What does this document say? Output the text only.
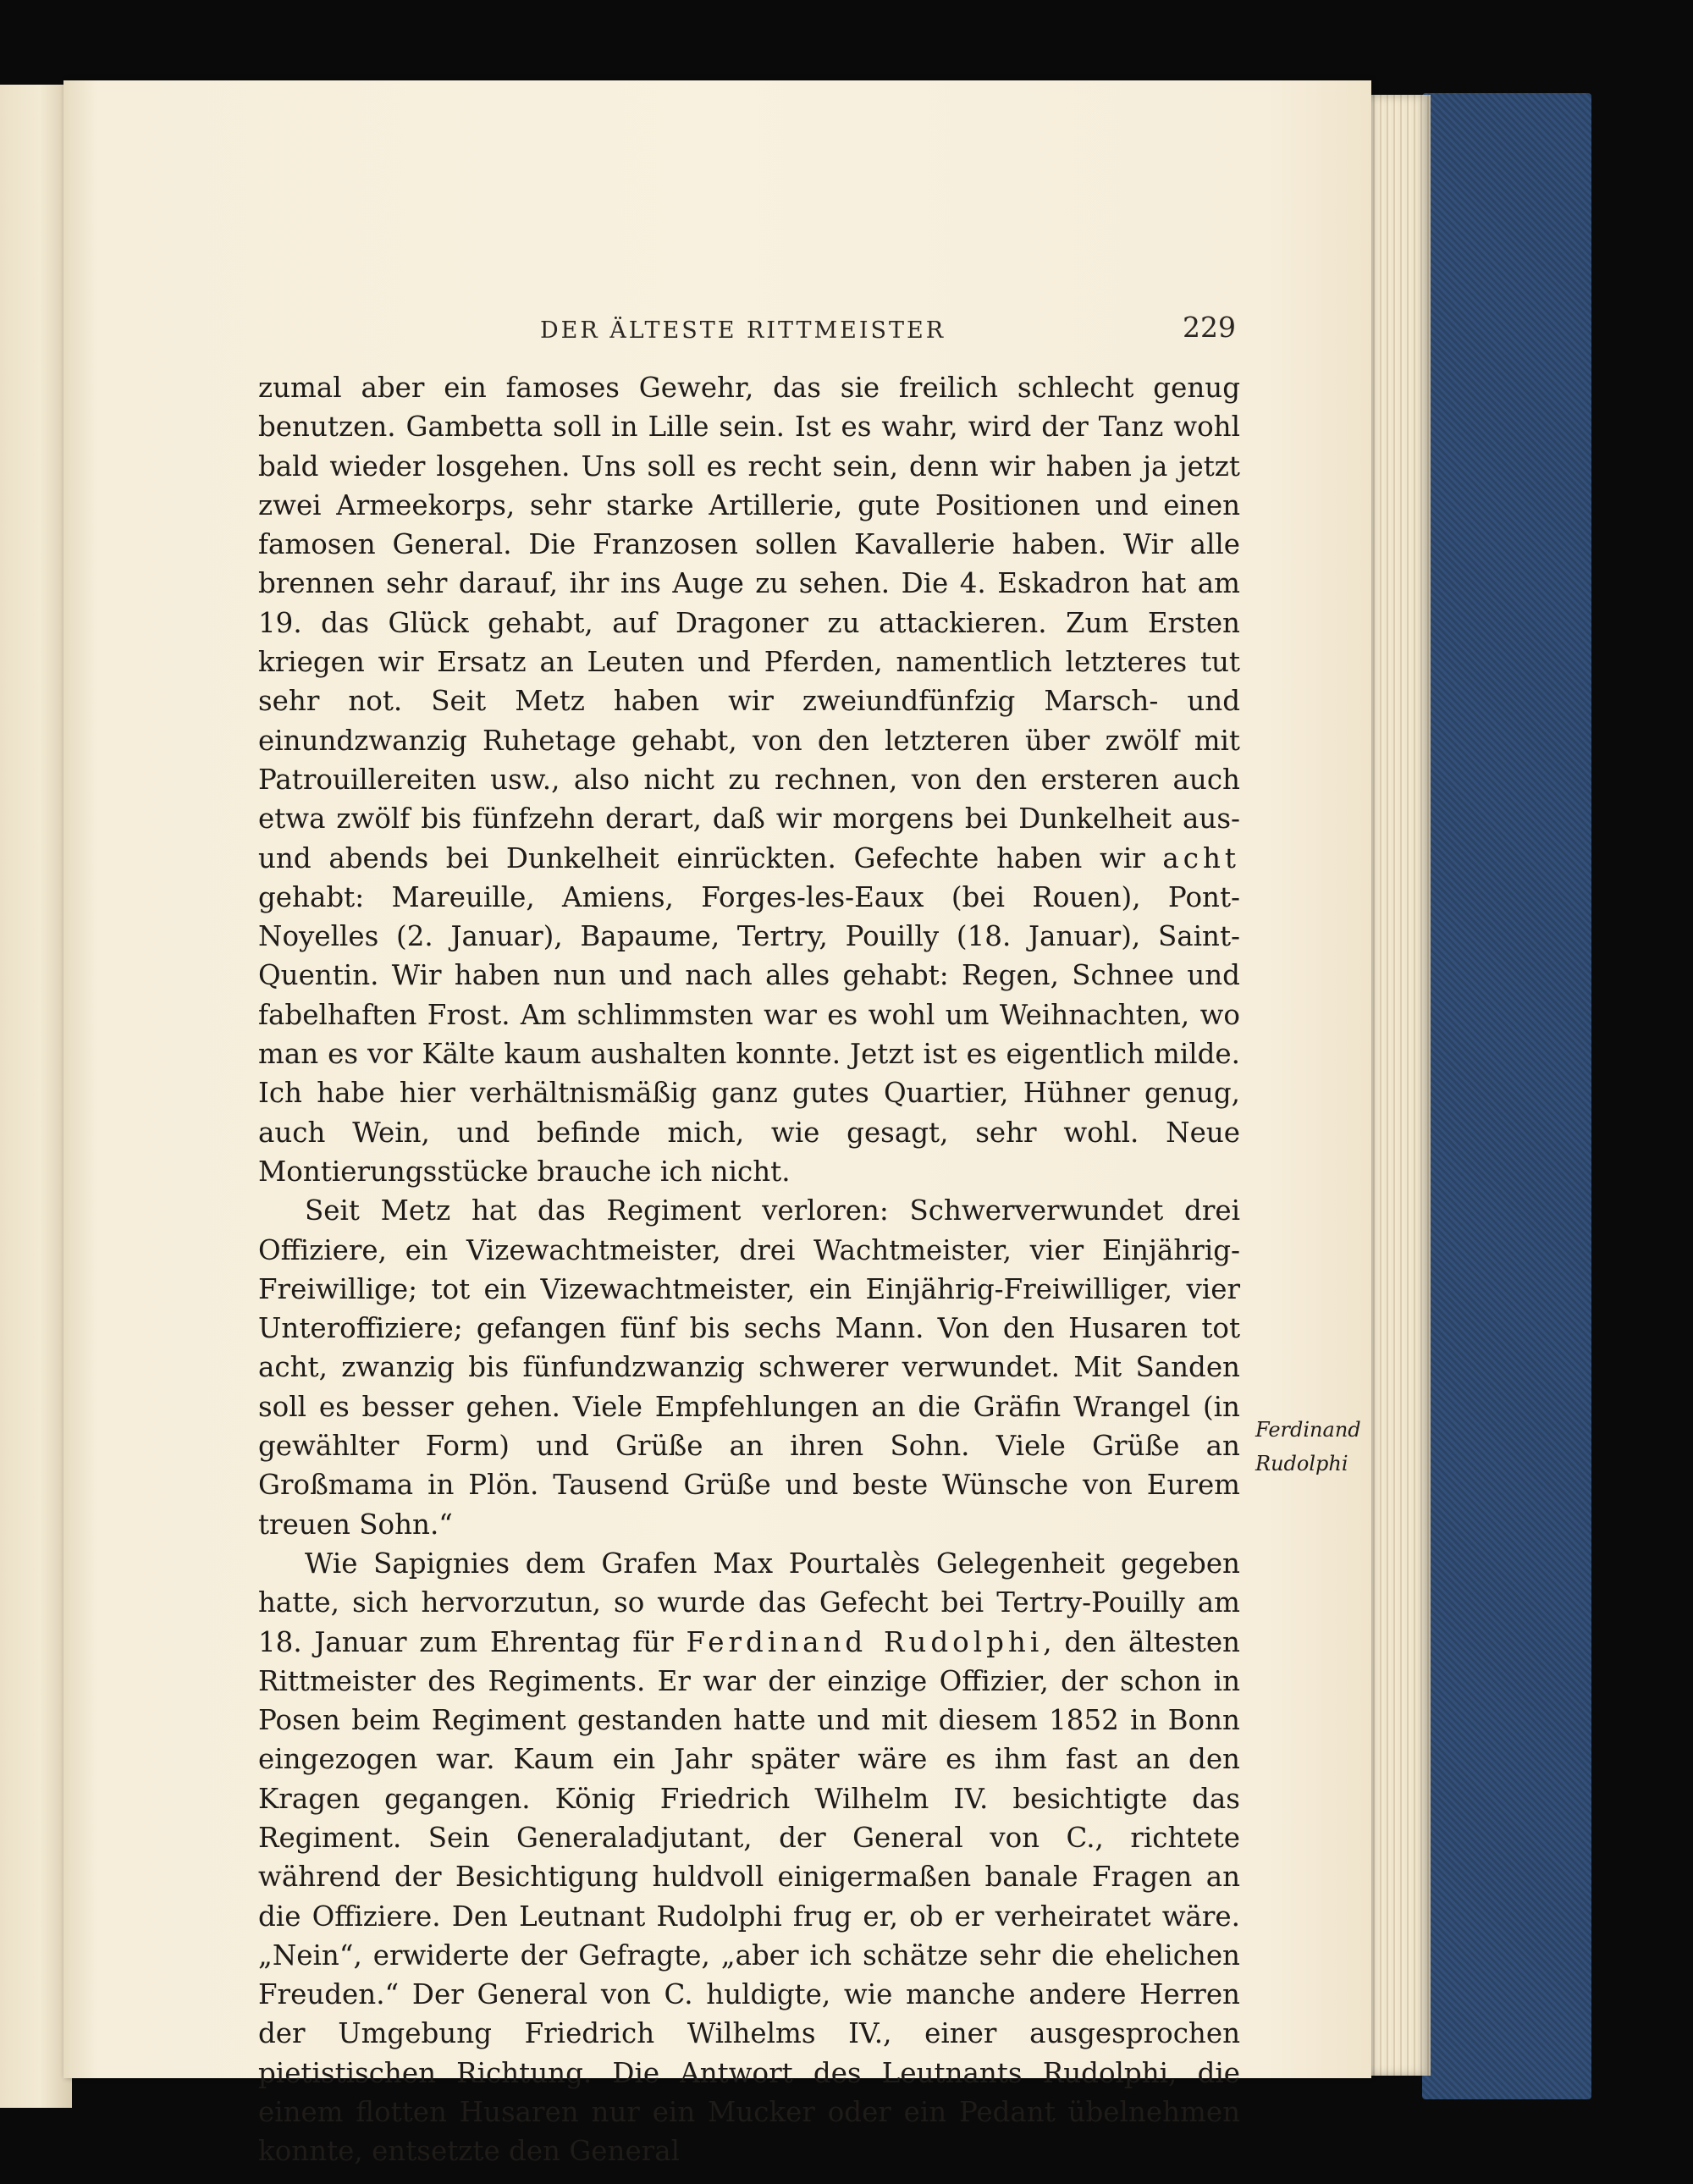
DER ÄLTESTE RITTMEISTER	229

zumal aber ein famoses Gewehr, das sie freilich schlecht genug benutzen. Gambetta soll in Lille sein. Ist es wahr, wird der Tanz wohl bald wieder losgehen. Uns soll es recht sein, denn wir haben ja jetzt zwei Armeekorps, sehr starke Artillerie, gute Positionen und einen famosen General. Die Franzosen sollen Kavallerie haben. Wir alle brennen sehr darauf, ihr ins Auge zu sehen. Die 4. Eskadron hat am 19. das Glück gehabt, auf Dragoner zu attackieren. Zum Ersten kriegen wir Ersatz an Leuten und Pferden, namentlich letzteres tut sehr not. Seit Metz haben wir zweiundfünfzig Marsch- und einundzwanzig Ruhetage gehabt, von den letzteren über zwölf mit Patrouillereiten usw., also nicht zu rechnen, von den ersteren auch etwa zwölf bis fünfzehn derart, daß wir morgens bei Dunkelheit aus- und abends bei Dunkelheit einrückten. Gefechte haben wir acht gehabt: Mareuille, Amiens, Forges-les-Eaux (bei Rouen), Pont-Noyelles (2. Januar), Bapaume, Tertry, Pouilly (18. Januar), Saint-Quentin. Wir haben nun und nach alles gehabt: Regen, Schnee und fabelhaften Frost. Am schlimmsten war es wohl um Weihnachten, wo man es vor Kälte kaum aushalten konnte. Jetzt ist es eigentlich milde. Ich habe hier verhältnismäßig ganz gutes Quartier, Hühner genug, auch Wein, und befinde mich, wie gesagt, sehr wohl. Neue Montierungsstücke brauche ich nicht.

Seit Metz hat das Regiment verloren: Schwerverwundet drei Offiziere, ein Vizewachtmeister, drei Wachtmeister, vier Einjährig-Freiwillige; tot ein Vizewachtmeister, ein Einjährig-Freiwilliger, vier Unteroffiziere; gefangen fünf bis sechs Mann. Von den Husaren tot acht, zwanzig bis fünfundzwanzig schwerer verwundet. Mit Sanden soll es besser gehen. Viele Empfehlungen an die Gräfin Wrangel (in gewählter Form) und Grüße an ihren Sohn. Viele Grüße an Großmama in Plön. Tausend Grüße und beste Wünsche von Eurem treuen Sohn.“

Wie Sapignies dem Grafen Max Pourtalès Gelegenheit gegeben hatte, sich hervorzutun, so wurde das Gefecht bei Tertry-Pouilly am 18. Januar zum Ehrentag für Ferdinand Rudolphi, den ältesten Rittmeister des Regiments. Er war der einzige Offizier, der schon in Posen beim Regiment gestanden hatte und mit diesem 1852 in Bonn eingezogen war. Kaum ein Jahr später wäre es ihm fast an den Kragen gegangen. König Friedrich Wilhelm IV. besichtigte das Regiment. Sein Generaladjutant, der General von C., richtete während der Besichtigung huldvoll einigermaßen banale Fragen an die Offiziere. Den Leutnant Rudolphi frug er, ob er verheiratet wäre. „Nein“, erwiderte der Gefragte, „aber ich schätze sehr die ehelichen Freuden.“ Der General von C. huldigte, wie manche andere Herren der Umgebung Friedrich Wilhelms IV., einer ausgesprochen pietistischen Richtung. Die Antwort des Leutnants Rudolphi, die einem flotten Husaren nur ein Mucker oder ein Pedant übelnehmen konnte, entsetzte den General

Ferdinand
Rudolphi
